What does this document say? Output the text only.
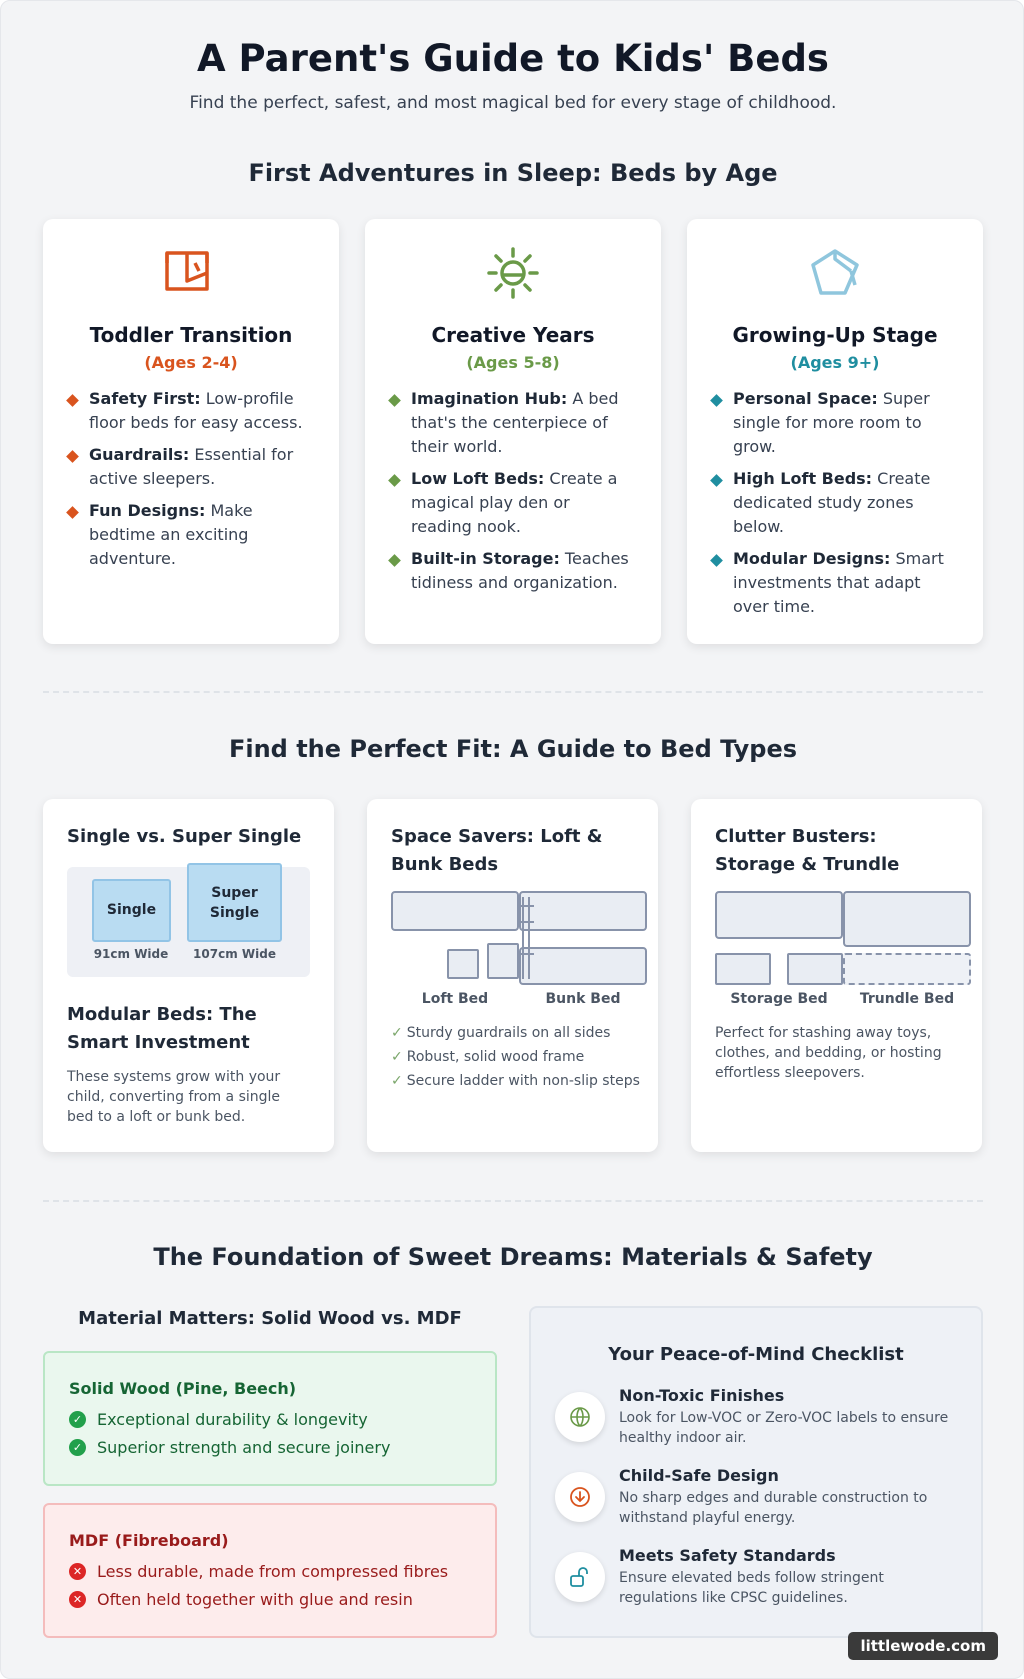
A Parent's Guide to Kids' Beds
Find the perfect, safest, and most magical bed for every stage of childhood.
First Adventures in Sleep: Beds by Age
Toddler Transition
(Ages 2-4)
Safety First: Low-profile floor beds for easy access.
Guardrails: Essential for active sleepers.
Fun Designs: Make bedtime an exciting adventure.
Creative Years
(Ages 5-8)
Imagination Hub: A bed that's the centerpiece of their world.
Low Loft Beds: Create a magical play den or reading nook.
Built-in Storage: Teaches tidiness and organization.
Growing-Up Stage
(Ages 9+)
Personal Space: Super single for more room to grow.
High Loft Beds: Create dedicated study zones below.
Modular Designs: Smart investments that adapt over time.
Find the Perfect Fit: A Guide to Bed Types
Single vs. Super Single
Single
Super
Single
91cm Wide	107cm Wide
Modular Beds: The Smart Investment
These systems grow with your child, converting from a single bed to a loft or bunk bed.
Space Savers: Loft & Bunk Beds
Loft Bed	Bunk Bed
✓ Sturdy guardrails on all sides
✓ Robust, solid wood frame
✓ Secure ladder with non-slip steps
Clutter Busters: Storage & Trundle
Storage Bed	Trundle Bed
Perfect for stashing away toys, clothes, and bedding, or hosting effortless sleepovers.
The Foundation of Sweet Dreams: Materials & Safety
Material Matters: Solid Wood vs. MDF
Solid Wood (Pine, Beech)
✓ Exceptional durability & longevity
✓ Superior strength and secure joinery
MDF (Fibreboard)
✕ Less durable, made from compressed fibres
✕ Often held together with glue and resin
Your Peace-of-Mind Checklist
Non-Toxic Finishes
Look for Low-VOC or Zero-VOC labels to ensure healthy indoor air.
Child-Safe Design
No sharp edges and durable construction to withstand playful energy.
Meets Safety Standards
Ensure elevated beds follow stringent regulations like CPSC guidelines.
littlewode.com
